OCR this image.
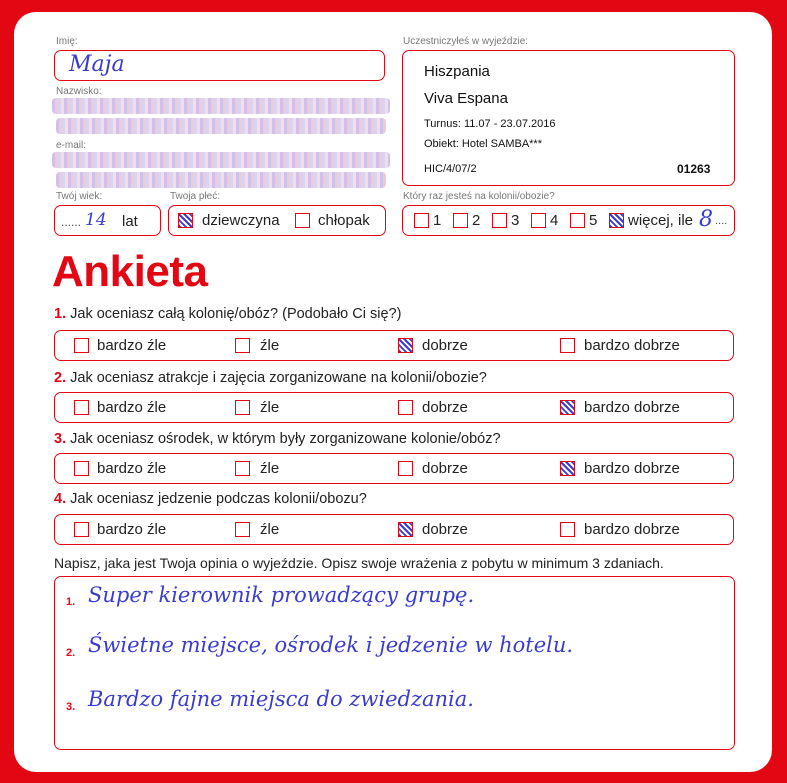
Imię:
Maja
Nazwisko:
e-mail:
Twój wiek:
...... 14 lat
Twoja płeć:
dziewczyna	chłopak
Uczestniczyłeś w wyjeździe:
Hiszpania
Viva Espana
Turnus: 11.07 - 23.07.2016
Obiekt: Hotel SAMBA***
HIC/4/07/2	01263
Który raz jesteś na kolonii/obozie?
1 2 3 4 5 więcej, ile 8 ....
Ankieta
1. Jak oceniasz całą kolonię/obóz? (Podobało Ci się?)
bardzo źle	źle	dobrze	bardzo dobrze
2. Jak oceniasz atrakcje i zajęcia zorganizowane na kolonii/obozie?
bardzo źle	źle	dobrze	bardzo dobrze
3. Jak oceniasz ośrodek, w którym były zorganizowane kolonie/obóz?
bardzo źle	źle	dobrze	bardzo dobrze
4. Jak oceniasz jedzenie podczas kolonii/obozu?
bardzo źle	źle	dobrze	bardzo dobrze
Napisz, jaka jest Twoja opinia o wyjeździe. Opisz swoje wrażenia z pobytu w minimum 3 zdaniach.
1. Super kierownik prowadzący grupę.
2. Świetne miejsce, ośrodek i jedzenie w hotelu.
3. Bardzo fajne miejsca do zwiedzania.
